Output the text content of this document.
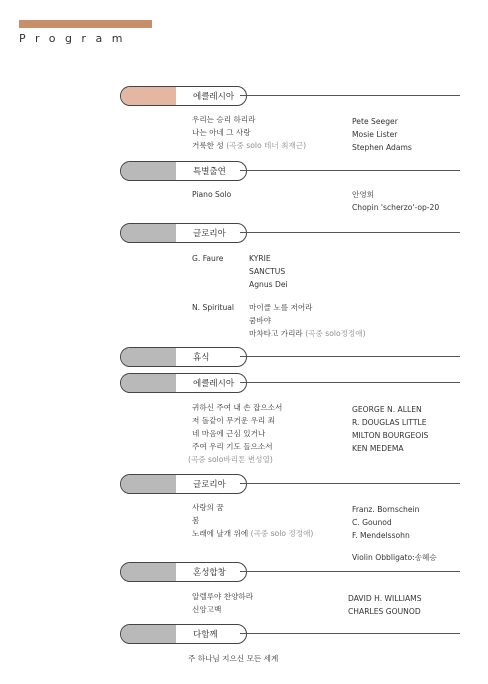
Program
에클레시아
우리는 승리 하리라	Pete Seeger
나는 아네 그 사랑	Mosie Lister
거룩한 성 (곡중 solo 테너 최재근)	Stephen Adams
특별출연
Piano Solo	안영희
Chopin 'scherzo'-op-20
글로리아
G. Faure	KYRIE
SANCTUS
Agnus Dei
N. Spiritual 마이클 노를 저어라
쿰바야
마차타고 가리라 (곡중 solo정정애)
휴식
에클레시아
귀하신 주여 내 손 잡으소서	GEORGE N. ALLEN
저 돌같이 무거운 우리 죄	R. DOUGLAS LITTLE
네 마음에 근심 있거나	MILTON BOURGEOIS
주여 우리 기도 들으소서	KEN MEDEMA
(곡중 solo바리톤 변성열)
글로리아
사랑의 꿈	Franz. Bornschein
봄	C. Gounod
노래에 날개 위에 (곡중 solo 정정애)	F. Mendelssohn
Violin Obbligato:송혜승
혼성합창
알렐루야 찬양하라	DAVID H. WILLIAMS
신앙고백	CHARLES GOUNOD
다함께
주 하나님 지으신 모든 세계
